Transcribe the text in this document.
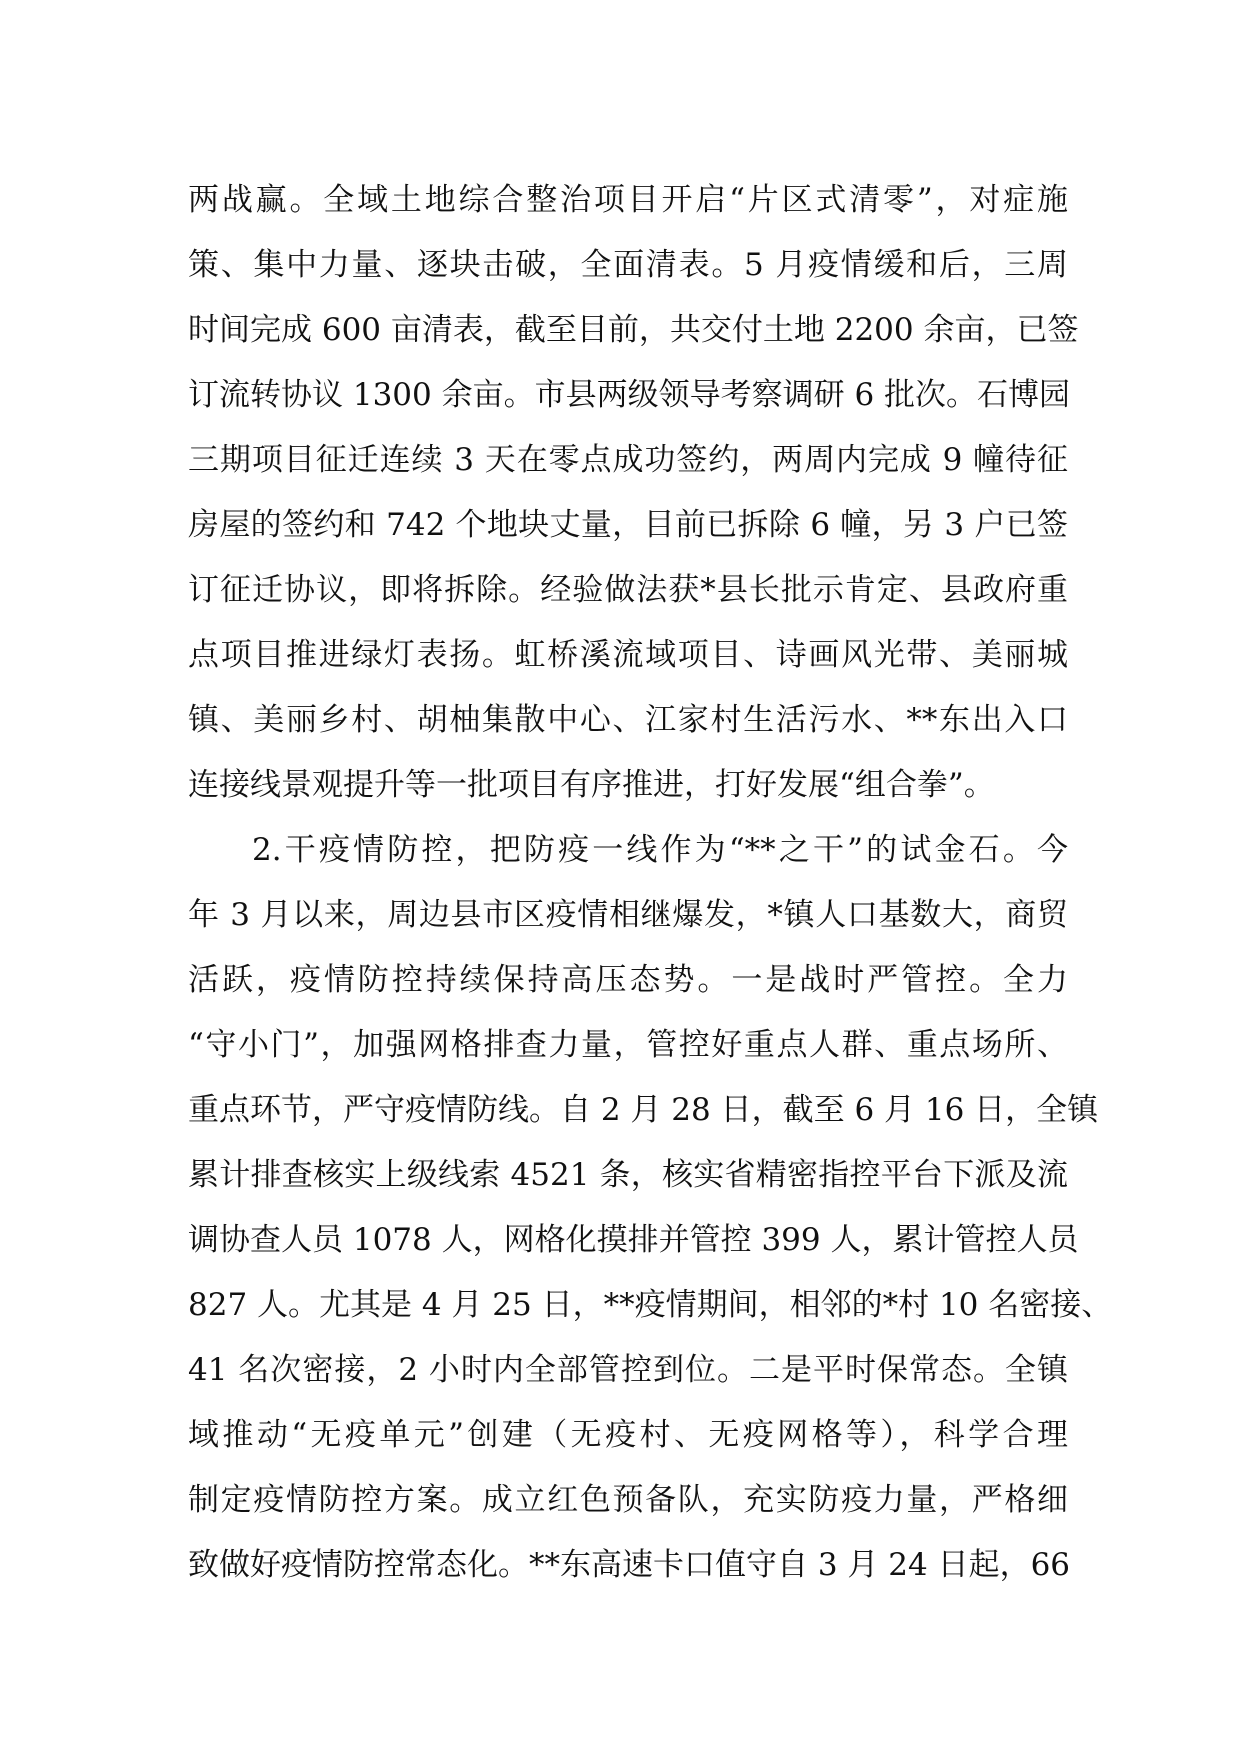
两战赢。全域土地综合整治项目开启“片区式清零”，对症施
策、集中力量、逐块击破，全面清表。5 月疫情缓和后，三周
时间完成 600 亩清表，截至目前，共交付土地 2200 余亩，已签
订流转协议 1300 余亩。市县两级领导考察调研 6 批次。石博园
三期项目征迁连续 3 天在零点成功签约，两周内完成 9 幢待征
房屋的签约和 742 个地块丈量，目前已拆除 6 幢，另 3 户已签
订征迁协议，即将拆除。经验做法获*县长批示肯定、县政府重
点项目推进绿灯表扬。虹桥溪流域项目、诗画风光带、美丽城
镇、美丽乡村、胡柚集散中心、江家村生活污水、**东出入口
连接线景观提升等一批项目有序推进，打好发展“组合拳”。
2.干疫情防控，把防疫一线作为“**之干”的试金石。今
年 3 月以来，周边县市区疫情相继爆发，*镇人口基数大，商贸
活跃，疫情防控持续保持高压态势。一是战时严管控。全力
“守小门”，加强网格排查力量，管控好重点人群、重点场所、
重点环节，严守疫情防线。自 2 月 28 日，截至 6 月 16 日，全镇
累计排查核实上级线索 4521 条，核实省精密指控平台下派及流
调协查人员 1078 人，网格化摸排并管控 399 人，累计管控人员
827 人。尤其是 4 月 25 日，**疫情期间，相邻的*村 10 名密接、
41 名次密接，2 小时内全部管控到位。二是平时保常态。全镇
域推动“无疫单元”创建（无疫村、无疫网格等），科学合理
制定疫情防控方案。成立红色预备队，充实防疫力量，严格细
致做好疫情防控常态化。**东高速卡口值守自 3 月 24 日起，66
